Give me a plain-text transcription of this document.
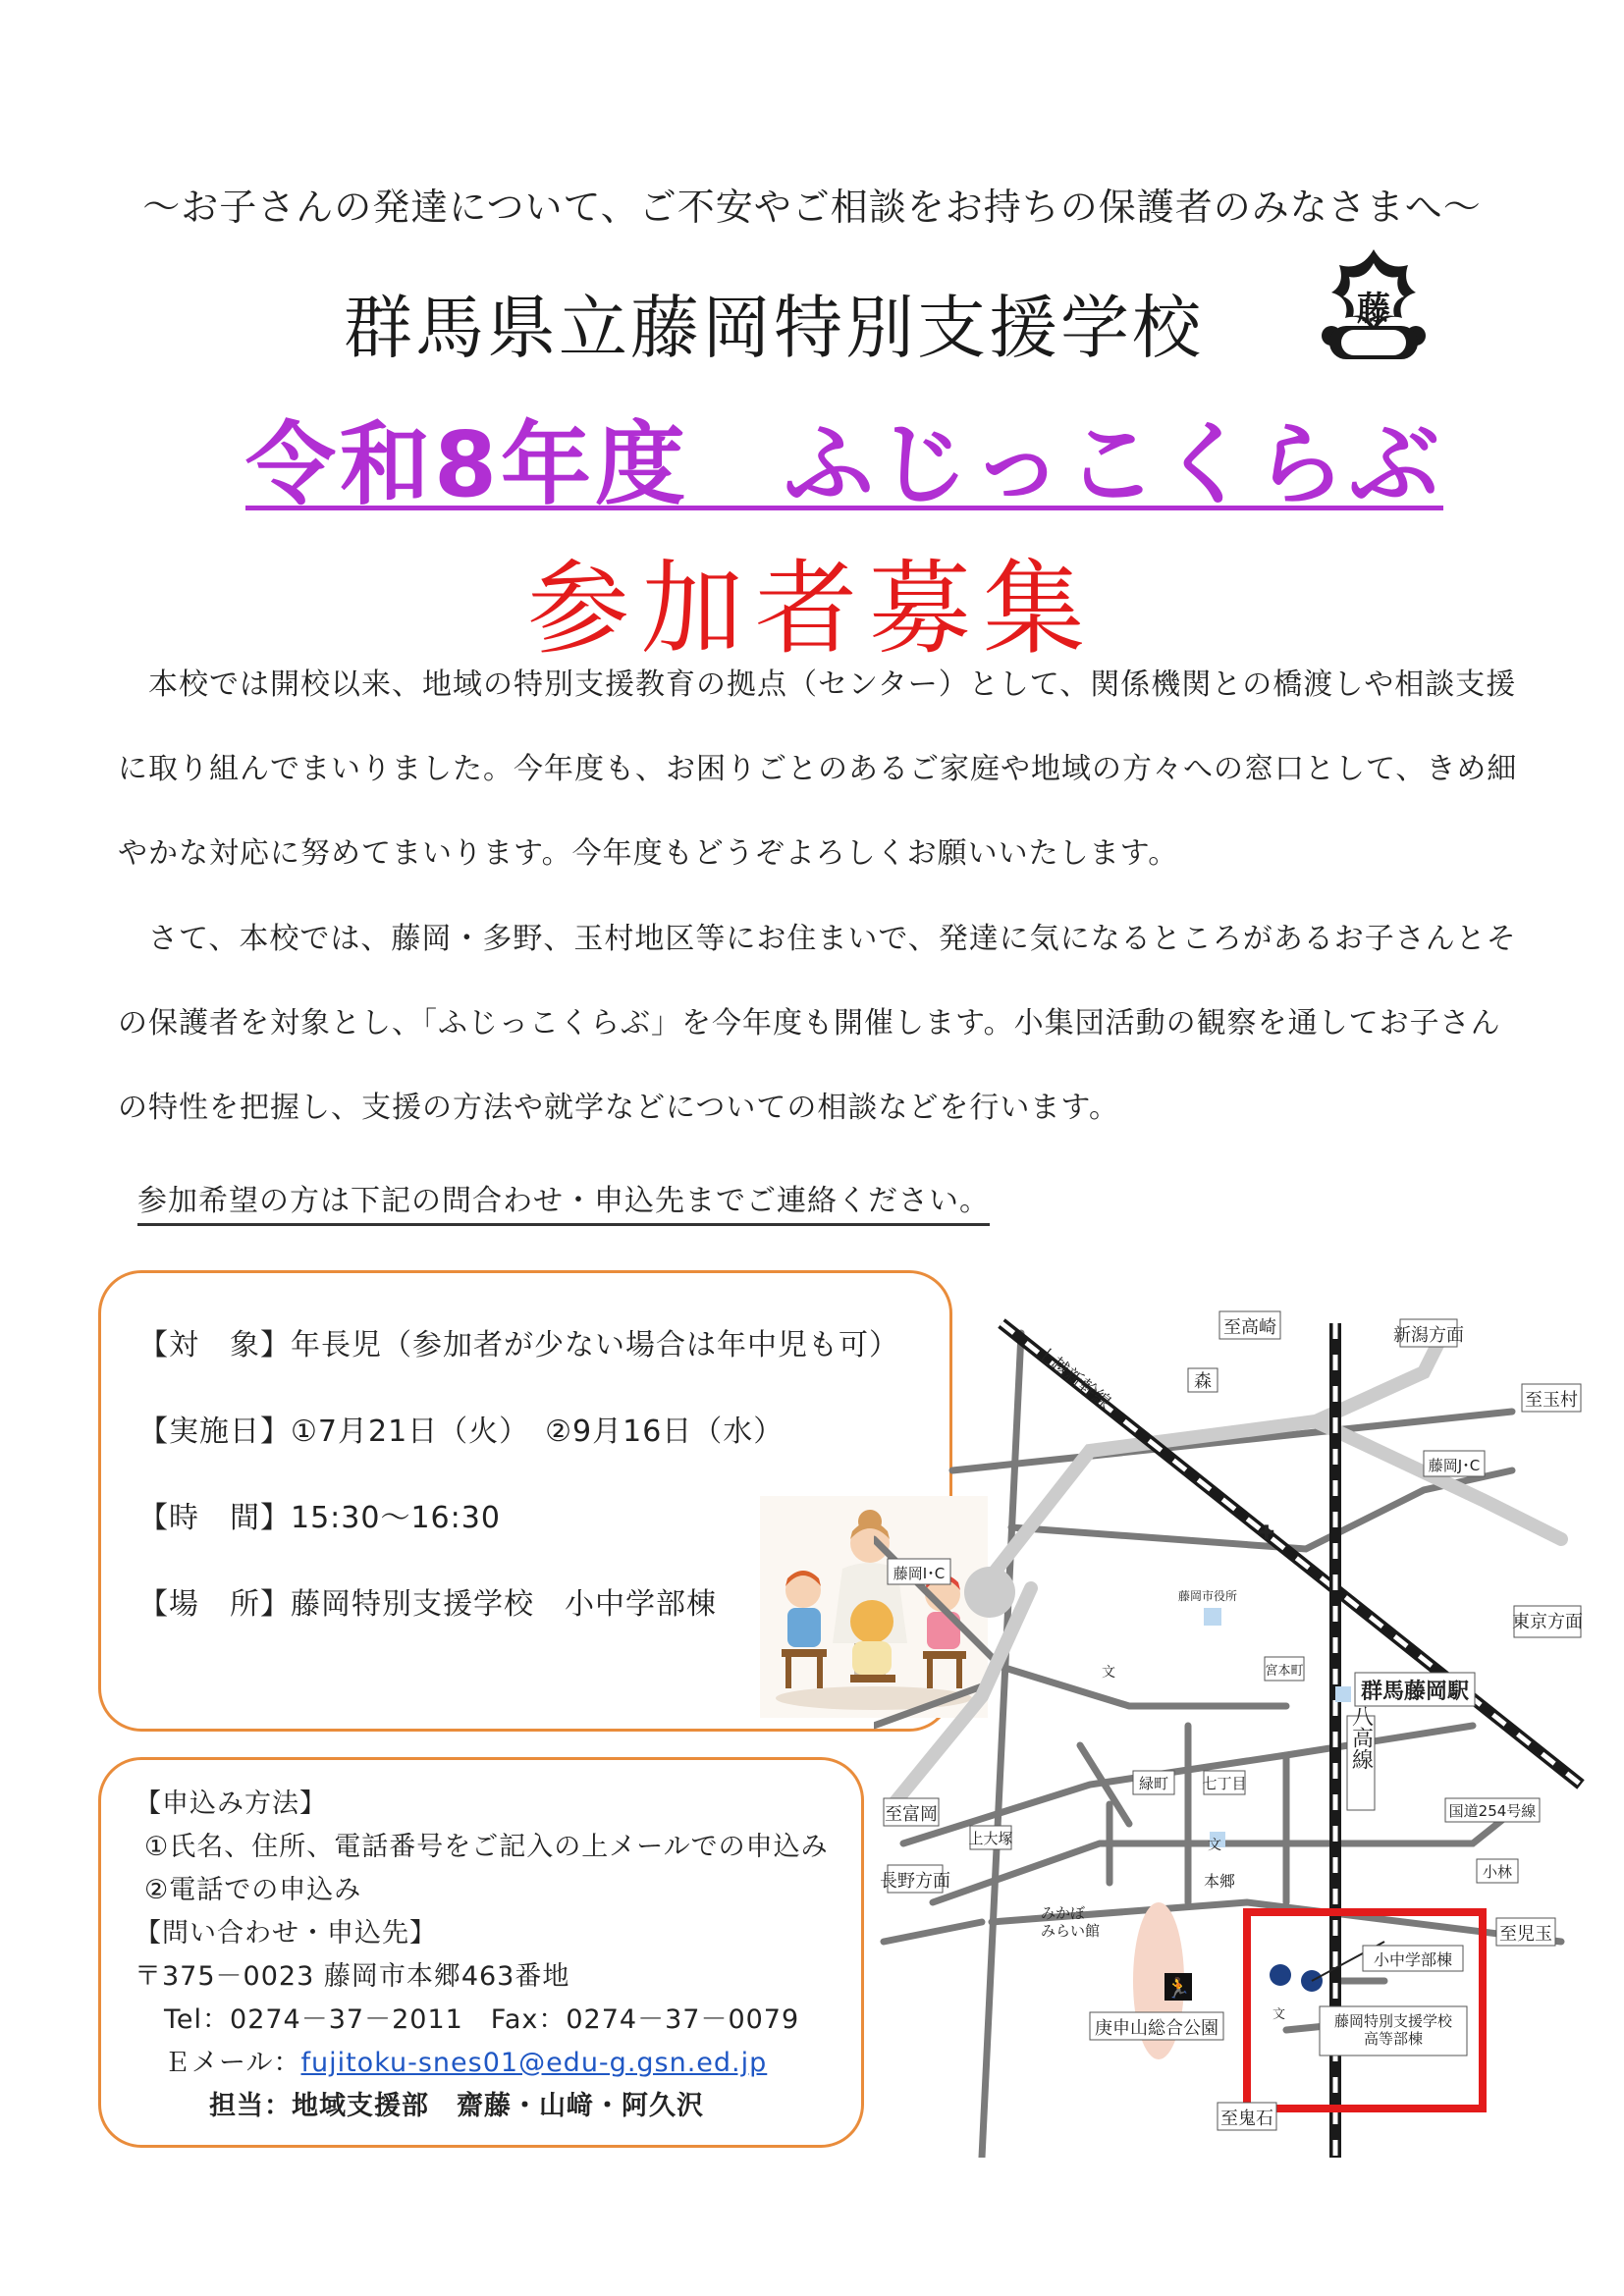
～お子さんの発達について、ご不安やご相談をお持ちの保護者のみなさまへ～
群馬県立藤岡特別支援学校	藤
令和8年度　ふじっこくらぶ
参加者募集
　本校では開校以来、地域の特別支援教育の拠点（センター）として、関係機関との橋渡しや相談支援に取り組んでまいりました。今年度も、お困りごとのあるご家庭や地域の方々への窓口として、きめ細やかな対応に努めてまいります。今年度もどうぞよろしくお願いいたします。
　さて、本校では、藤岡・多野、玉村地区等にお住まいで、発達に気になるところがあるお子さんとその保護者を対象とし、「ふじっこくらぶ」を今年度も開催します。小集団活動の観察を通してお子さんの特性を把握し、支援の方法や就学などについての相談などを行います。
参加希望の方は下記の問合わせ・申込先までご連絡ください。
【対　象】年長児（参加者が少ない場合は年中児も可）
【実施日】①7月21日（火）　②9月16日（水）
【時　間】15:30～16:30
【場　所】藤岡特別支援学校　小中学部棟
【申込み方法】
①氏名、住所、電話番号をご記入の上メールでの申込み
②電話での申込み
【問い合わせ・申込先】
〒375－0023 藤岡市本郷463番地
Tel：0274－37－2011　Fax：0274－37－0079
Ｅメール：fujitoku-snes01@edu-g.gsn.ed.jp
担当：地域支援部　齋藤・山﨑・阿久沢
🏃
✚
至高崎	新潟方面
至玉村
森
上越新幹線
藤岡J･C
藤岡I･C
藤岡市役所
東京方面
文	宮本町
群馬藤岡駅
八高線
至富岡
上大塚
緑町 七丁目
国道254号線
長野方面
文
本郷	小林
みかぼみらい館	至児玉
小中学部棟
文	藤岡特別支援学校高等部棟
庚申山総合公園
至鬼石
